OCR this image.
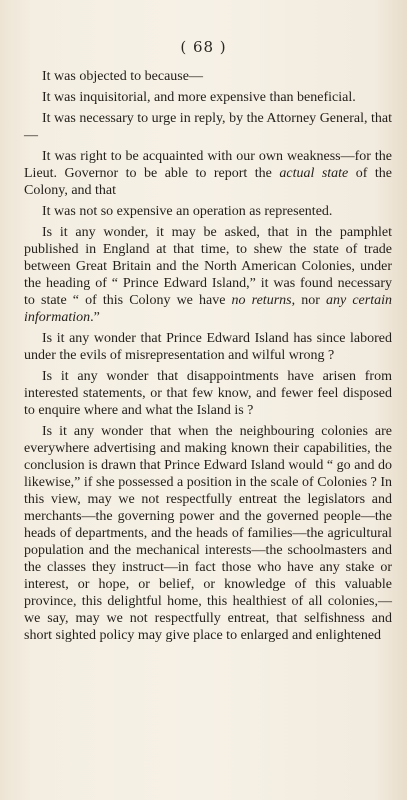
( 68 )

It was objected to because—

It was inquisitorial, and more expensive than beneficial.

It was necessary to urge in reply, by the Attorney General, that—

It was right to be acquainted with our own weakness—for the Lieut. Governor to be able to report the actual state of the Colony, and that

It was not so expensive an operation as represented.

Is it any wonder, it may be asked, that in the pamphlet published in England at that time, to shew the state of trade between Great Britain and the North American Colonies, under the heading of “ Prince Edward Island,” it was found necessary to state “ of this Colony we have no returns, nor any certain information.”

Is it any wonder that Prince Edward Island has since labored under the evils of misrepresentation and wilful wrong ?

Is it any wonder that disappointments have arisen from interested statements, or that few know, and fewer feel disposed to enquire where and what the Island is ?

Is it any wonder that when the neighbouring colonies are everywhere advertising and making known their capabilities, the conclusion is drawn that Prince Edward Island would “ go and do likewise,” if she possessed a position in the scale of Colonies ? In this view, may we not respectfully entreat the legislators and merchants—the governing power and the governed people—the heads of departments, and the heads of families—the agricultural population and the mechanical interests—the schoolmasters and the classes they instruct—in fact those who have any stake or interest, or hope, or belief, or knowledge of this valuable province, this delightful home, this healthiest of all colonies,—we say, may we not respectfully entreat, that selfishness and short sighted policy may give place to enlarged and enlightened
